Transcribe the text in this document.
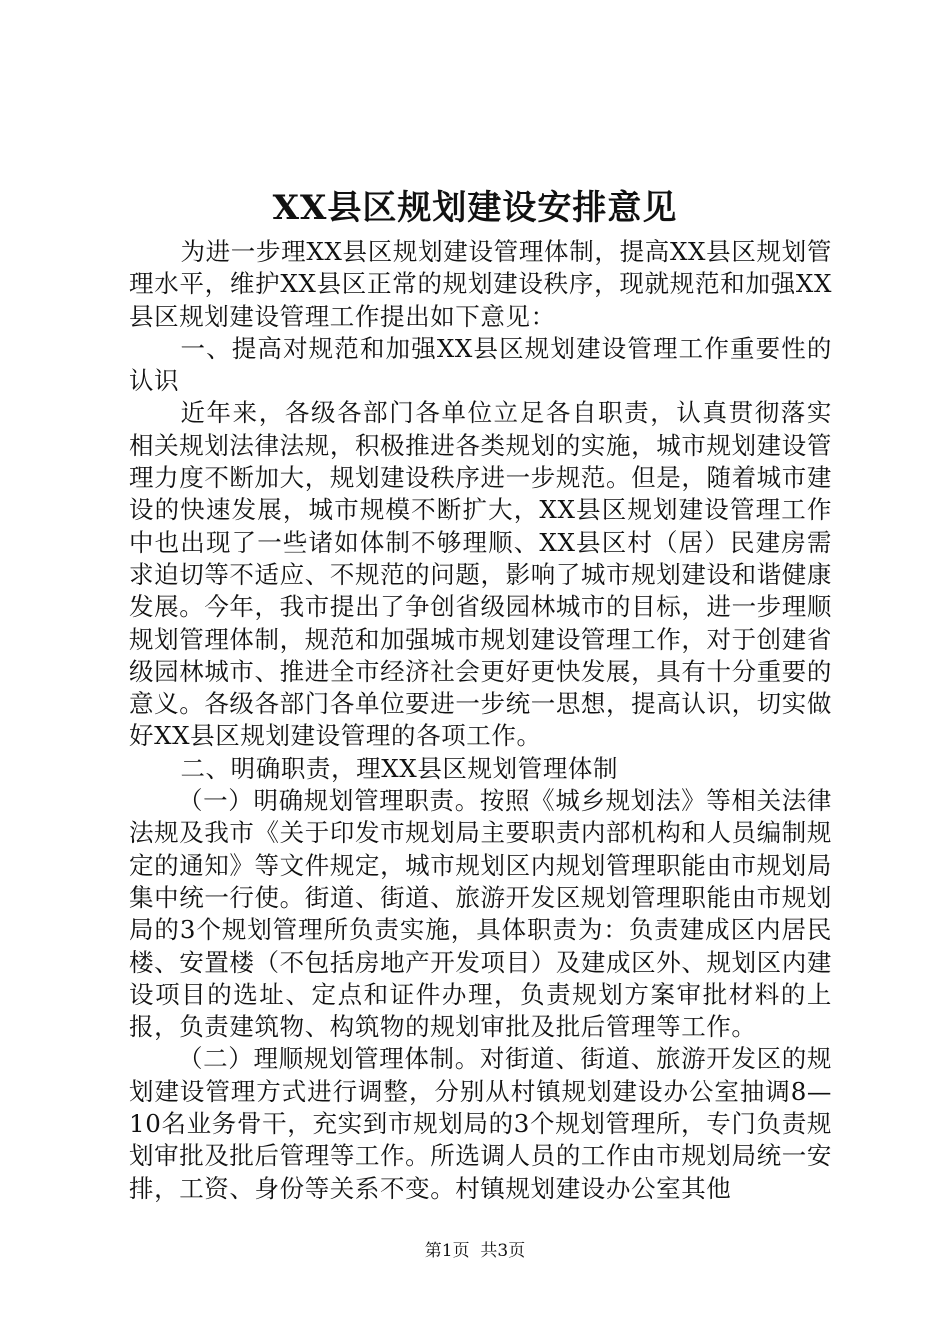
XX县区规划建设安排意见

为进一步理XX县区规划建设管理体制，提高XX县区规划管理水平，维护XX县区正常的规划建设秩序，现就规范和加强XX县区规划建设管理工作提出如下意见：

一、提高对规范和加强XX县区规划建设管理工作重要性的认识

近年来，各级各部门各单位立足各自职责，认真贯彻落实相关规划法律法规，积极推进各类规划的实施，城市规划建设管理力度不断加大，规划建设秩序进一步规范。但是，随着城市建设的快速发展，城市规模不断扩大，XX县区规划建设管理工作中也出现了一些诸如体制不够理顺、XX县区村（居）民建房需求迫切等不适应、不规范的问题，影响了城市规划建设和谐健康发展。今年，我市提出了争创省级园林城市的目标，进一步理顺规划管理体制，规范和加强城市规划建设管理工作，对于创建省级园林城市、推进全市经济社会更好更快发展，具有十分重要的意义。各级各部门各单位要进一步统一思想，提高认识，切实做好XX县区规划建设管理的各项工作。

二、明确职责，理XX县区规划管理体制

（一）明确规划管理职责。按照《城乡规划法》等相关法律法规及我市《关于印发市规划局主要职责内部机构和人员编制规定的通知》等文件规定，城市规划区内规划管理职能由市规划局集中统一行使。街道、街道、旅游开发区规划管理职能由市规划局的3个规划管理所负责实施，具体职责为：负责建成区内居民楼、安置楼（不包括房地产开发项目）及建成区外、规划区内建设项目的选址、定点和证件办理，负责规划方案审批材料的上报，负责建筑物、构筑物的规划审批及批后管理等工作。

（二）理顺规划管理体制。对街道、街道、旅游开发区的规划建设管理方式进行调整，分别从村镇规划建设办公室抽调8—10名业务骨干，充实到市规划局的3个规划管理所，专门负责规划审批及批后管理等工作。所选调人员的工作由市规划局统一安排，工资、身份等关系不变。村镇规划建设办公室其他

第1页 共3页
